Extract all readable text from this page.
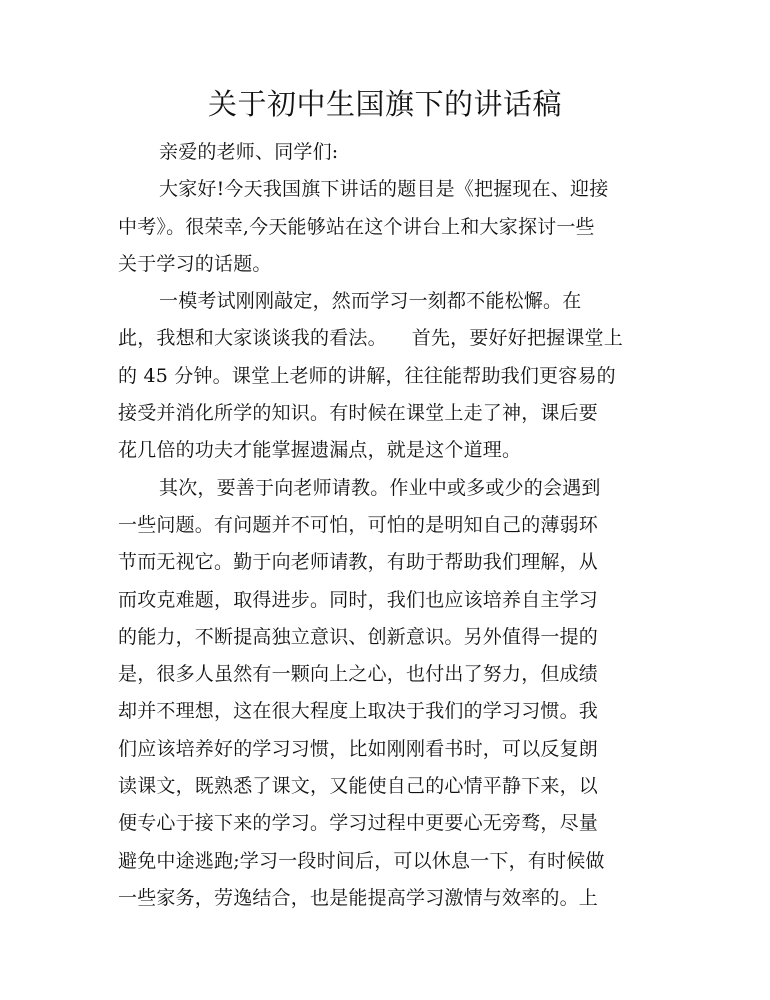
关于初中生国旗下的讲话稿
亲爱的老师、同学们:
大家好!今天我国旗下讲话的题目是《把握现在、迎接
中考》。很荣幸,今天能够站在这个讲台上和大家探讨一些
关于学习的话题。
一模考试刚刚敲定，然而学习一刻都不能松懈。在
此，我想和大家谈谈我的看法。    首先，要好好把握课堂上
的 45 分钟。课堂上老师的讲解，往往能帮助我们更容易的
接受并消化所学的知识。有时候在课堂上走了神，课后要
花几倍的功夫才能掌握遗漏点，就是这个道理。
其次，要善于向老师请教。作业中或多或少的会遇到
一些问题。有问题并不可怕，可怕的是明知自己的薄弱环
节而无视它。勤于向老师请教，有助于帮助我们理解，从
而攻克难题，取得进步。同时，我们也应该培养自主学习
的能力，不断提高独立意识、创新意识。另外值得一提的
是，很多人虽然有一颗向上之心，也付出了努力，但成绩
却并不理想，这在很大程度上取决于我们的学习习惯。我
们应该培养好的学习习惯，比如刚刚看书时，可以反复朗
读课文，既熟悉了课文，又能使自己的心情平静下来，以
便专心于接下来的学习。学习过程中更要心无旁骛，尽量
避免中途逃跑;学习一段时间后，可以休息一下，有时候做
一些家务，劳逸结合，也是能提高学习激情与效率的。上
